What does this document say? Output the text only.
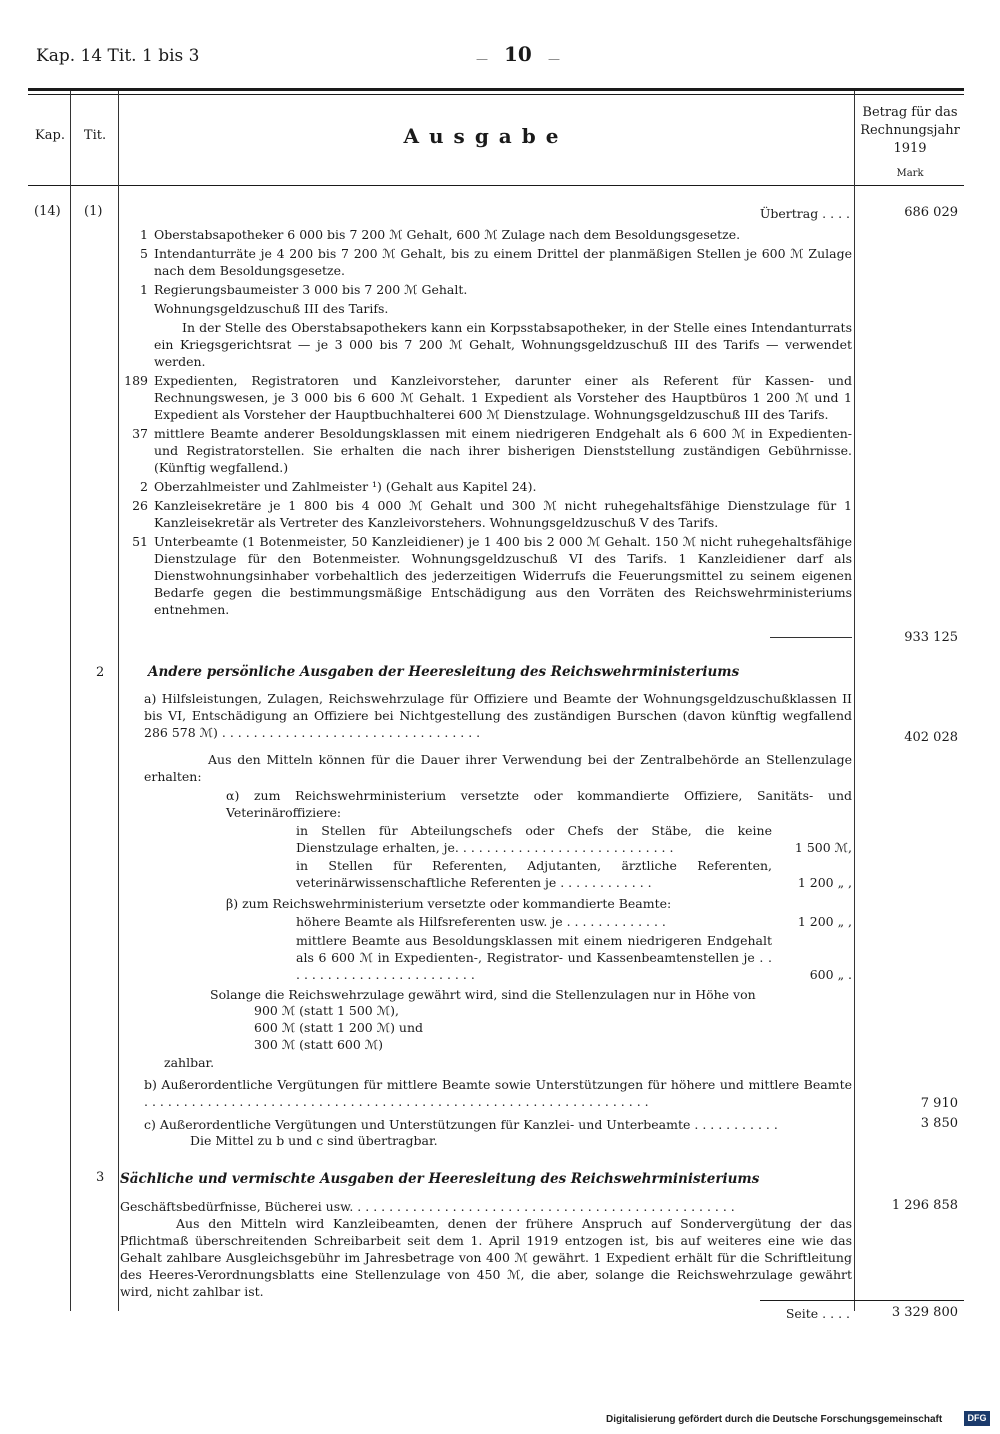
Kap. 14 Tit. 1 bis 3	— 10 —
Kap.	Tit.	Ausgabe
Betrag für das Rechnungsjahr 1919
Mark
(14) (1)	Übertrag . . . .	686 029
1 Oberstabsapotheker 6 000 bis 7 200 ℳ Gehalt, 600 ℳ Zulage nach dem Besoldungsgesetze.
5 Intendanturräte je 4 200 bis 7 200 ℳ Gehalt, bis zu einem Drittel der planmäßigen Stellen je 600 ℳ Zulage nach dem Besoldungsgesetze.
1 Regierungsbaumeister 3 000 bis 7 200 ℳ Gehalt.
Wohnungsgeldzuschuß III des Tarifs.
In der Stelle des Oberstabsapothekers kann ein Korpsstabsapotheker, in der Stelle eines Intendanturrats ein Kriegsgerichtsrat — je 3 000 bis 7 200 ℳ Gehalt, Wohnungsgeldzuschuß III des Tarifs — verwendet werden.
189 Expedienten, Registratoren und Kanzleivorsteher, darunter einer als Referent für Kassen- und Rechnungswesen, je 3 000 bis 6 600 ℳ Gehalt. 1 Expedient als Vorsteher des Hauptbüros 1 200 ℳ und 1 Expedient als Vorsteher der Hauptbuchhalterei 600 ℳ Dienstzulage. Wohnungsgeldzuschuß III des Tarifs.
37 mittlere Beamte anderer Besoldungsklassen mit einem niedrigeren Endgehalt als 6 600 ℳ in Expedienten- und Registratorstellen. Sie erhalten die nach ihrer bisherigen Dienststellung zuständigen Gebührnisse. (Künftig wegfallend.)
2 Oberzahlmeister und Zahlmeister ¹) (Gehalt aus Kapitel 24).
26 Kanzleisekretäre je 1 800 bis 4 000 ℳ Gehalt und 300 ℳ nicht ruhegehaltsfähige Dienstzulage für 1 Kanzleisekretär als Vertreter des Kanzleivorstehers. Wohnungsgeldzuschuß V des Tarifs.
51 Unterbeamte (1 Botenmeister, 50 Kanzleidiener) je 1 400 bis 2 000 ℳ Gehalt. 150 ℳ nicht ruhegehaltsfähige Dienstzulage für den Botenmeister. Wohnungsgeldzuschuß VI des Tarifs. 1 Kanzleidiener darf als Dienstwohnungsinhaber vorbehaltlich des jederzeitigen Widerrufs die Feuerungsmittel zu seinem eigenen Bedarfe gegen die bestimmungsmäßige Entschädigung aus den Vorräten des Reichswehrministeriums entnehmen.
933 125
2	Andere persönliche Ausgaben der Heeresleitung des Reichswehrministeriums
a) Hilfsleistungen, Zulagen, Reichswehrzulage für Offiziere und Beamte der Wohnungsgeldzuschußklassen II bis VI, Entschädigung an Offiziere bei Nichtgestellung des zuständigen Burschen (davon künftig wegfallend 286 578 ℳ) . . . . . . . . . . . . . . . . . . . . . . . . . . . . . . . . .	402 028
Aus den Mitteln können für die Dauer ihrer Verwendung bei der Zentralbehörde an Stellenzulage erhalten:
α) zum Reichswehrministerium versetzte oder kommandierte Offiziere, Sanitäts- und Veterinäroffiziere:
in Stellen für Abteilungschefs oder Chefs der Stäbe, die keine Dienstzulage erhalten, je. . . . . . . . . . . . . . . . . . . . . . . . . . . .	1 500 ℳ,
in Stellen für Referenten, Adjutanten, ärztliche Referenten, veterinärwissenschaftliche Referenten je . . . . . . . . . . . .	1 200 „ ,
β) zum Reichswehrministerium versetzte oder kommandierte Beamte:
höhere Beamte als Hilfsreferenten usw. je . . . . . . . . . . . . .	1 200 „ ,
mittlere Beamte aus Besoldungsklassen mit einem niedrigeren Endgehalt als 6 600 ℳ in Expedienten-, Registrator- und Kassenbeamtenstellen je . . . . . . . . . . . . . . . . . . . . . . . . .	600 „ .
Solange die Reichswehrzulage gewährt wird, sind die Stellenzulagen nur in Höhe von
900 ℳ (statt 1 500 ℳ),
600 ℳ (statt 1 200 ℳ) und
300 ℳ (statt 600 ℳ)
zahlbar.
b) Außerordentliche Vergütungen für mittlere Beamte sowie Unterstützungen für höhere und mittlere Beamte . . . . . . . . . . . . . . . . . . . . . . . . . . . . . . . . . . . . . . . . . . . . . . . . . . . . . . . . . . . . . . . .	7 910
c) Außerordentliche Vergütungen und Unterstützungen für Kanzlei- und Unterbeamte . . . . . . . . . . .	3 850
Die Mittel zu b und c sind übertragbar.
3 Sächliche und vermischte Ausgaben der Heeresleitung des Reichswehrministeriums
Geschäftsbedürfnisse, Bücherei usw. . . . . . . . . . . . . . . . . . . . . . . . . . . . . . . . . . . . . . . . . . . . . . . . .	1 296 858
Aus den Mitteln wird Kanzleibeamten, denen der frühere Anspruch auf Sondervergütung der das Pflichtmaß überschreitenden Schreibarbeit seit dem 1. April 1919 entzogen ist, bis auf weiteres eine wie das Gehalt zahlbare Ausgleichsgebühr im Jahresbetrage von 400 ℳ gewährt. 1 Expedient erhält für die Schriftleitung des Heeres-Verordnungsblatts eine Stellenzulage von 450 ℳ, die aber, solange die Reichswehrzulage gewährt wird, nicht zahlbar ist.
Seite . . . .	3 329 800
Digitalisierung gefördert durch die Deutsche Forschungsgemeinschaft	DFG
